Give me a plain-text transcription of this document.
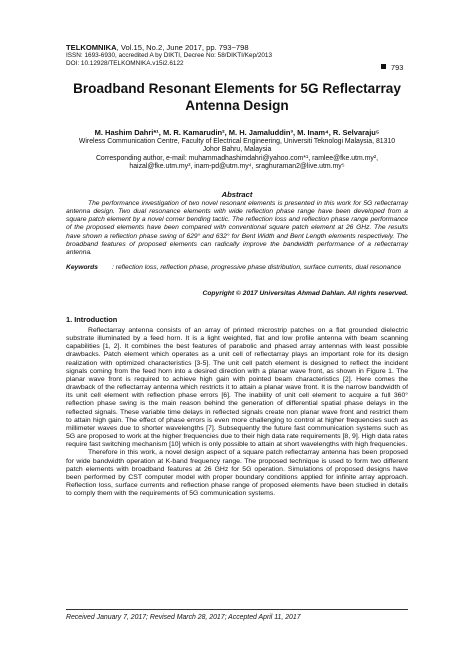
TELKOMNIKA, Vol.15, No.2, June 2017, pp. 793~798
ISSN: 1693-6930, accredited A by DIKTI, Decree No: 58/DIKTI/Kep/2013
DOI: 10.12928/TELKOMNIKA.v15i2.6122	793
Broadband Resonant Elements for 5G Reflectarray Antenna Design
M. Hashim Dahri*¹, M. R. Kamarudin², M. H. Jamaluddin³, M. Inam⁴, R. Selvaraju⁵
Wireless Communication Centre, Faculty of Electrical Engineering, Universiti Teknologi Malaysia, 81310
Johor Bahru, Malaysia
Corresponding author, e-mail: muhammadhashimdahri@yahoo.com*¹, ramlee@fke.utm.my²,
haizal@fke.utm.my³, inam-pd@utm.my⁴, sraghuraman2@live.utm.my⁵
Abstract
The performance investigation of two novel resonant elements is presented in this work for 5G reflectarray antenna design. Two dual resonance elements with wide reflection phase range have been developed from a square patch element by a novel corner bending tactic. The reflection loss and reflection phase range performance of the proposed elements have been compared with conventional square patch element at 26 GHz. The results have shown a reflection phase swing of 629° and 632° for Bent Width and Bent Length elements respectively. The broadband features of proposed elements can radically improve the bandwidth performance of a reflectarray antenna.
Keywords : reflection loss, reflection phase, progressive phase distribution, surface currents, dual resonance
Copyright © 2017 Universitas Ahmad Dahlan. All rights reserved.
1. Introduction

Reflectarray antenna consists of an array of printed microstrip patches on a flat grounded dielectric substrate illuminated by a feed horn. It is a light weighted, flat and low profile antenna with beam scanning capabilities [1, 2]. It combines the best features of parabolic and phased array antennas with least possible drawbacks. Patch element which operates as a unit cell of reflectarray plays an important role for its design realization with optimized characteristics [3-5]. The unit cell patch element is designed to reflect the incident signals coming from the feed horn into a desired direction with a planar wave front, as shown in Figure 1. The planar wave front is required to achieve high gain with pointed beam characteristics [2]. Here comes the drawback of the reflectarray antenna which restricts it to attain a planar wave front. It is the narrow bandwidth of its unit cell element with reflection phase errors [6]. The inability of unit cell element to acquire a full 360° reflection phase swing is the main reason behind the generation of differential spatial phase delays in the reflected signals. These variable time delays in reflected signals create non planar wave front and restrict them to attain high gain. The effect of phase errors is even more challenging to control at higher frequencies such as millimeter waves due to shorter wavelengths [7]. Subsequently the future fast communication systems such as 5G are proposed to work at the higher frequencies due to their high data rate requirements [8, 9]. High data rates require fast switching mechanism [10] which is only possible to attain at short wavelengths with high frequencies.

Therefore in this work, a novel design aspect of a square patch reflectarray antenna has been proposed for wide bandwidth operation at K-band frequency range. The proposed technique is used to form two different patch elements with broadband features at 26 GHz for 5G operation. Simulations of proposed designs have been performed by CST computer model with proper boundary conditions applied for infinite array approach. Reflection loss, surface currents and reflection phase range of proposed elements have been studied in details to comply them with the requirements of 5G communication systems.

Received January 7, 2017; Revised March 28, 2017; Accepted April 11, 2017
